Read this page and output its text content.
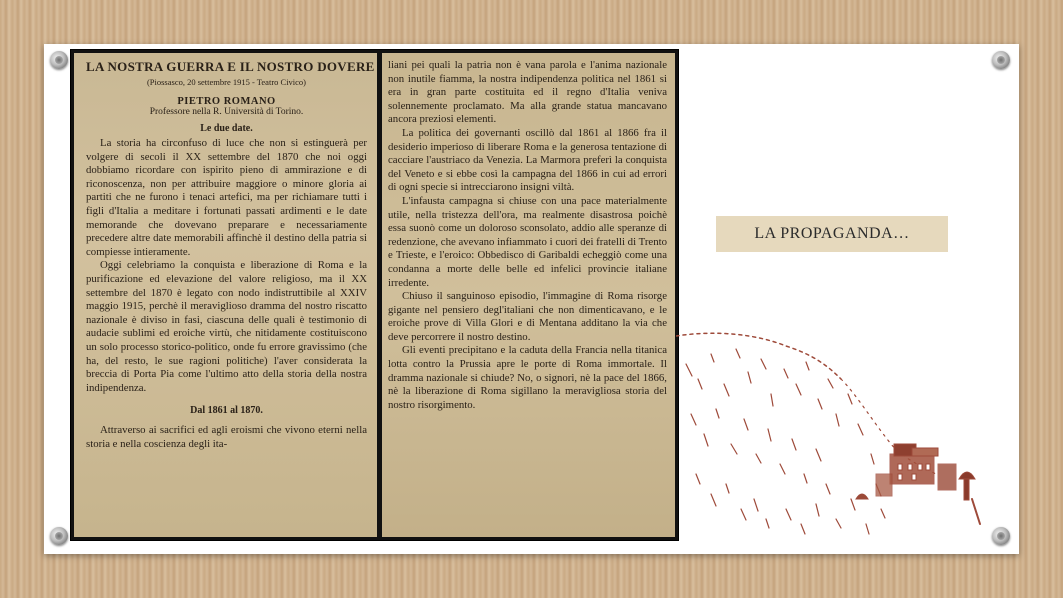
LA NOSTRA GUERRA E IL NOSTRO DOVERE

(Piossasco, 20 settembre 1915 - Teatro Civico)

PIETRO ROMANO

Professore nella R. Università di Torino.

Le due date.

La storia ha circonfuso di luce che non si estinguerà per volgere di secoli il XX settembre del 1870 che noi oggi dobbiamo ricordare con ispirito pieno di ammirazione e di riconoscenza, non per attribuire maggiore o minore gloria ai partiti che ne furono i tenaci artefici, ma per richiamare tutti i figli d'Italia a meditare i fortunati passati ardimenti e le date memorande che dovevano preparare e necessariamente precedere altre date memorabili affinchè il destino della patria si compiesse intieramente.

Oggi celebriamo la conquista e liberazione di Roma e la purificazione ed elevazione del valore religioso, ma il XX settembre del 1870 è legato con nodo indistruttibile al XXIV maggio 1915, perchè il meraviglioso dramma del nostro riscatto nazionale è diviso in fasi, ciascuna delle quali è testimonio di audacie sublimi ed eroiche virtù, che nitidamente costituiscono un solo processo storico-politico, onde fu errore gravissimo (che ha, del resto, le sue ragioni politiche) l'aver considerata la breccia di Porta Pia come l'ultimo atto della storia della nostra indipendenza.

Dal 1861 al 1870.

Attraverso ai sacrifici ed agli eroismi che vivono eterni nella storia e nella coscienza degli ita-

liani pei quali la patria non è vana parola e l'anima nazionale non inutile fiamma, la nostra indipendenza politica nel 1861 si era in gran parte costituita ed il regno d'Italia veniva solennemente proclamato. Ma alla grande statua mancavano ancora preziosi elementi.

La politica dei governanti oscillò dal 1861 al 1866 fra il desiderio imperioso di liberare Roma e la generosa tentazione di cacciare l'austriaco da Venezia. La Marmora preferì la conquista del Veneto e si ebbe così la campagna del 1866 in cui ad errori di ogni specie si intrecciarono insigni viltà.

L'infausta campagna si chiuse con una pace materialmente utile, nella tristezza dell'ora, ma realmente disastrosa poichè essa suonò come un doloroso sconsolato, addio alle speranze di redenzione, che avevano infiammato i cuori dei fratelli di Trento e Trieste, e l'eroico: Obbedisco di Garibaldi echeggiò come una condanna a morte delle belle ed infelici provincie italiane irredente.

Chiuso il sanguinoso episodio, l'immagine di Roma risorge gigante nel pensiero degl'italiani che non dimenticavano, e le eroiche prove di Villa Glori e di Mentana additano la via che deve percorrere il nostro destino.

Gli eventi precipitano e la caduta della Francia nella titanica lotta contro la Prussia apre le porte di Roma immortale. Il dramma nazionale si chiude? No, o signori, nè la pace del 1866, nè la liberazione di Roma sigillano la meravigliosa storia del nostro risorgimento.

LA PROPAGANDA…
